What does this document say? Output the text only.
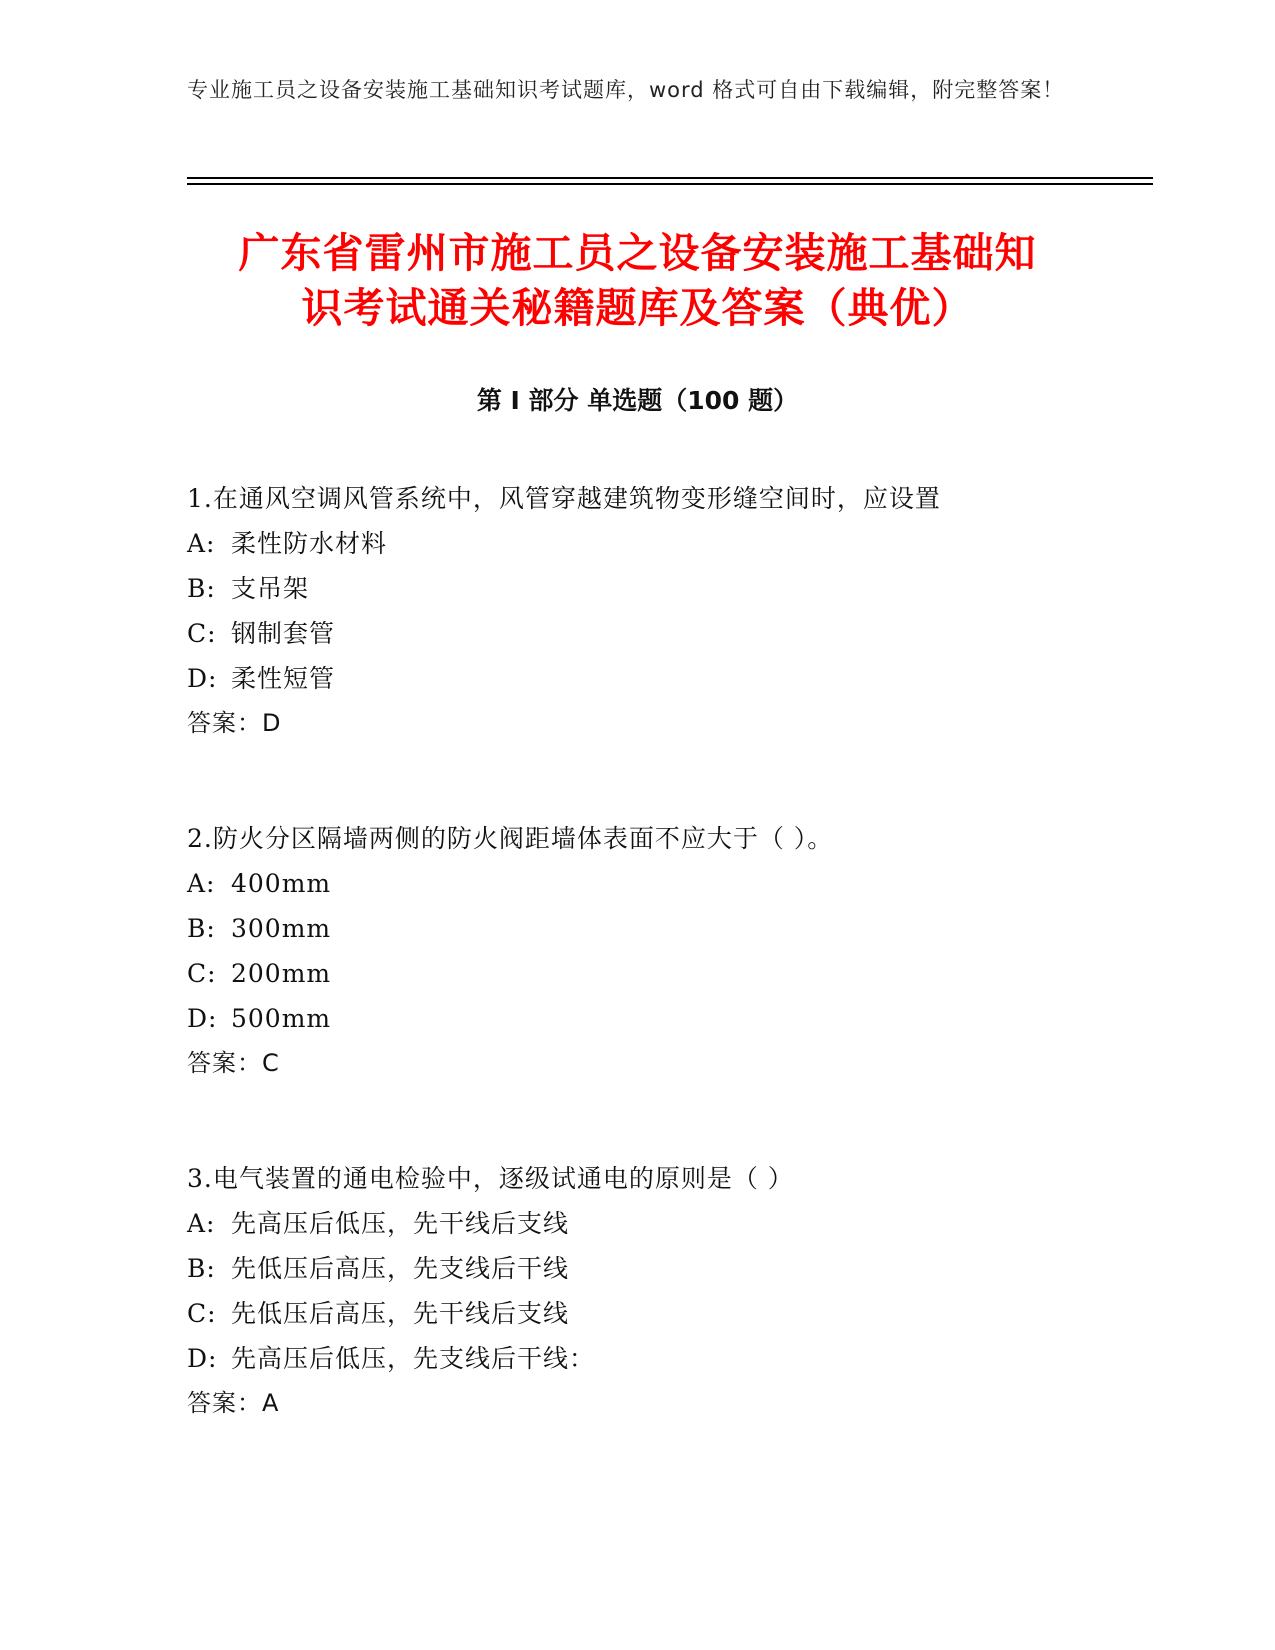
专业施工员之设备安装施工基础知识考试题库，word 格式可自由下载编辑，附完整答案！
广东省雷州市施工员之设备安装施工基础知
识考试通关秘籍题库及答案（典优）
第 I 部分 单选题（100 题）
1.在通风空调风管系统中，风管穿越建筑物变形缝空间时，应设置
A: 柔性防水材料
B: 支吊架
C: 钢制套管
D: 柔性短管
答案：D
2.防火分区隔墙两侧的防火阀距墙体表面不应大于（ ）。
A: 400mm
B: 300mm
C: 200mm
D: 500mm
答案：C
3.电气装置的通电检验中，逐级试通电的原则是（ ）
A: 先高压后低压，先干线后支线
B: 先低压后高压，先支线后干线
C: 先低压后高压，先干线后支线
D: 先高压后低压，先支线后干线：
答案：A
